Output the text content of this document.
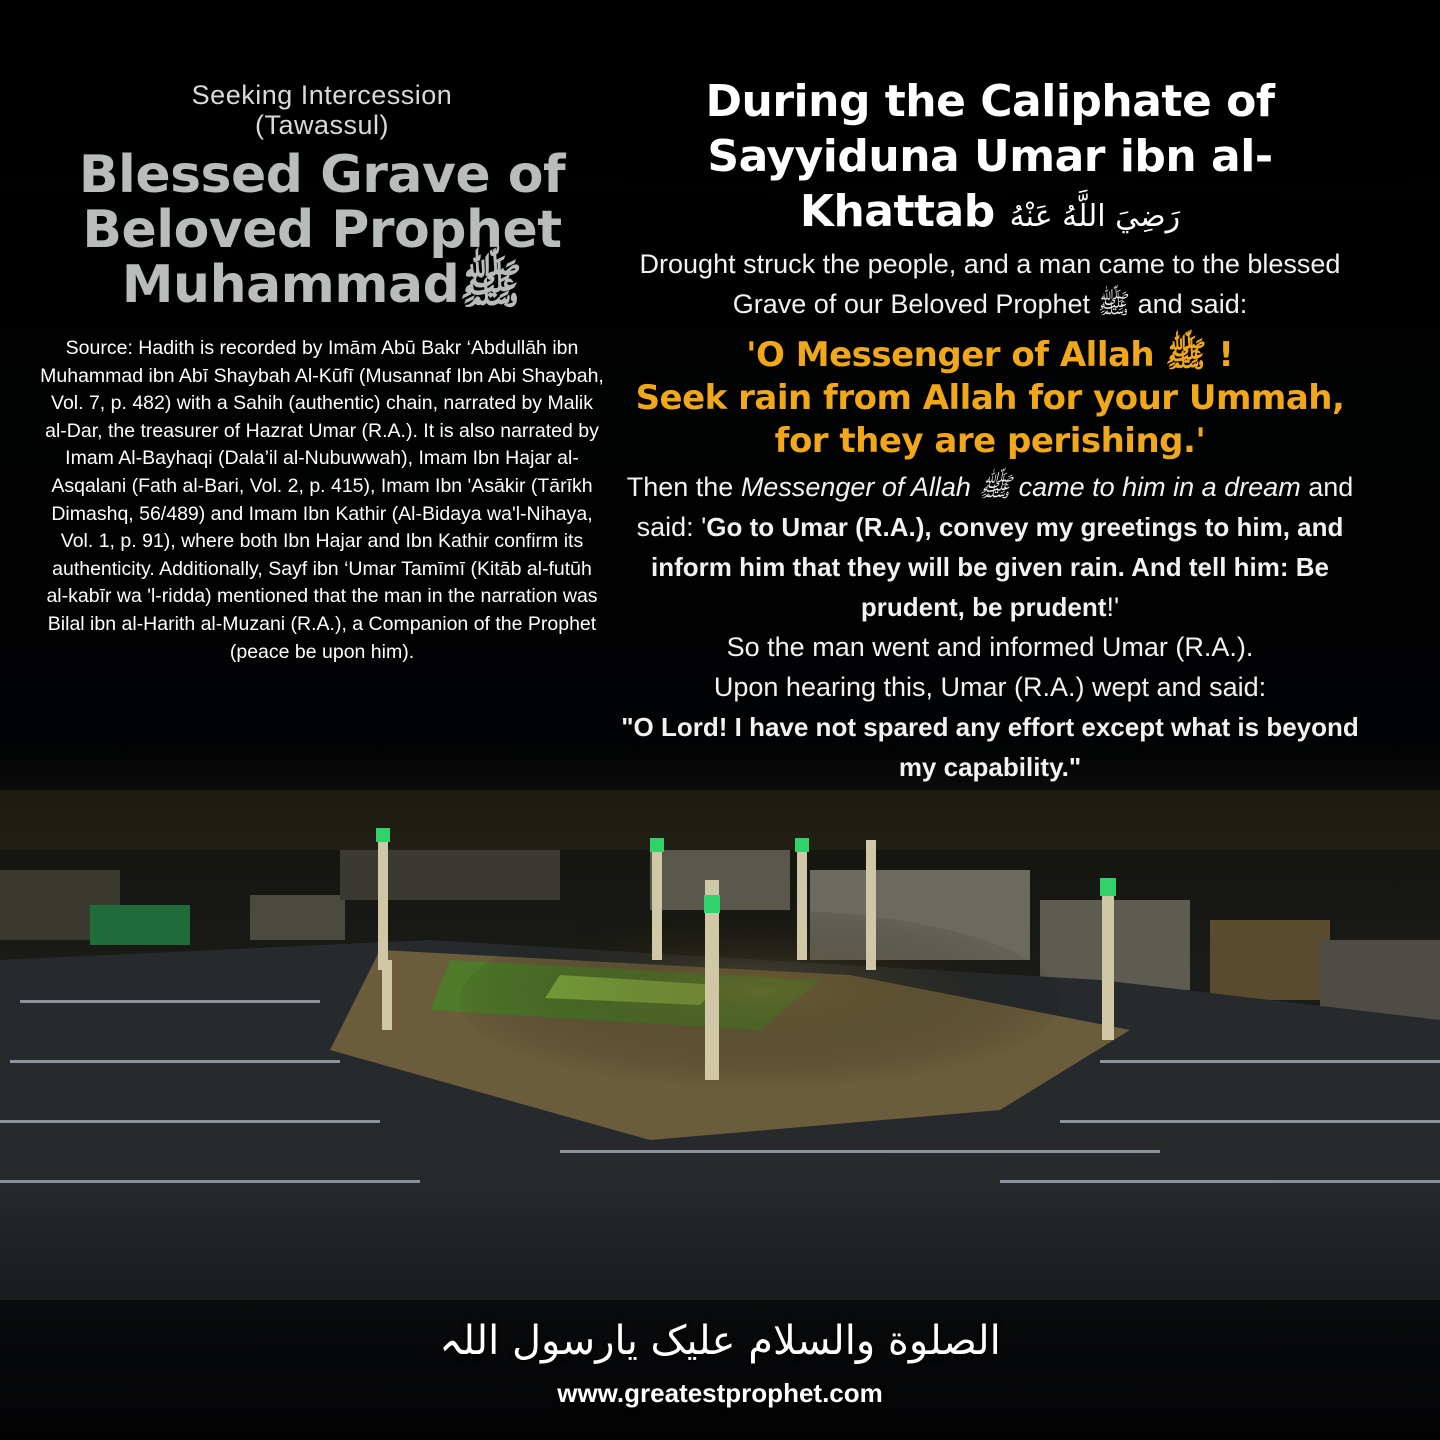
Seeking Intercession
(Tawassul)
Blessed Grave of Beloved Prophet Muhammadﷺ
Source: Hadith is recorded by Imām Abū Bakr ‘Abdullāh ibn Muhammad ibn Abī Shaybah Al-Kūfī (Musannaf Ibn Abi Shaybah, Vol. 7, p. 482) with a Sahih (authentic) chain, narrated by Malik al-Dar, the treasurer of Hazrat Umar (R.A.). It is also narrated by Imam Al-Bayhaqi (Dala’il al-Nubuwwah), Imam Ibn Hajar al-Asqalani (Fath al-Bari, Vol. 2, p. 415), Imam Ibn 'Asākir (Tārīkh Dimashq, 56/489) and Imam Ibn Kathir (Al-Bidaya wa'l-Nihaya, Vol. 1, p. 91), where both Ibn Hajar and Ibn Kathir confirm its authenticity. Additionally, Sayf ibn ‘Umar Tamīmī (Kitāb al-futūh al-kabīr wa 'l-ridda) mentioned that the man in the narration was Bilal ibn al-Harith al-Muzani (R.A.), a Companion of the Prophet (peace be upon him).
During the Caliphate of Sayyiduna Umar ibn al-Khattab رَضِيَ اللَّهُ عَنْهُ
Drought struck the people, and a man came to the blessed Grave of our Beloved Prophet ﷺ and said:
'O Messenger of Allah ﷺ !
Seek rain from Allah for your Ummah, for they are perishing.'
Then the Messenger of Allah ﷺ came to him in a dream and said: 'Go to Umar (R.A.), convey my greetings to him, and inform him that they will be given rain. And tell him: Be prudent, be prudent!'
So the man went and informed Umar (R.A.).
Upon hearing this, Umar (R.A.) wept and said:
"O Lord! I have not spared any effort except what is beyond my capability."
الصلوة والسلام علیک یارسول اللہ
www.greatestprophet.com
